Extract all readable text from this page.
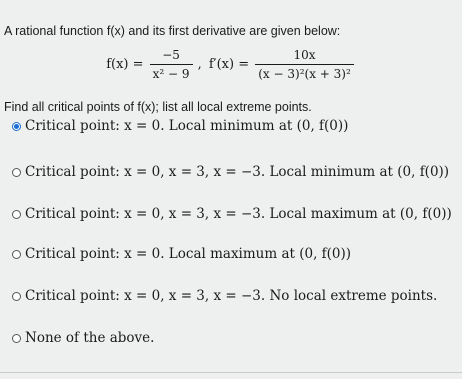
A rational function f(x) and its first derivative are given below:
$f(x) = \frac{-5}{\text{x² − 9}}$ , $f'(x) = \frac{10x}{\text{(x − 3)²(x + 3)²}}$
Find all critical points of f(x); list all local extreme points.
Critical point: x = 0. Local minimum at (0, f(0))
Critical point: x = 0, x = 3, x = −3. Local minimum at (0, f(0))
Critical point: x = 0, x = 3, x = −3. Local maximum at (0, f(0))
Critical point: x = 0. Local maximum at (0, f(0))
Critical point: x = 0, x = 3, x = −3. No local extreme points.
None of the above.
